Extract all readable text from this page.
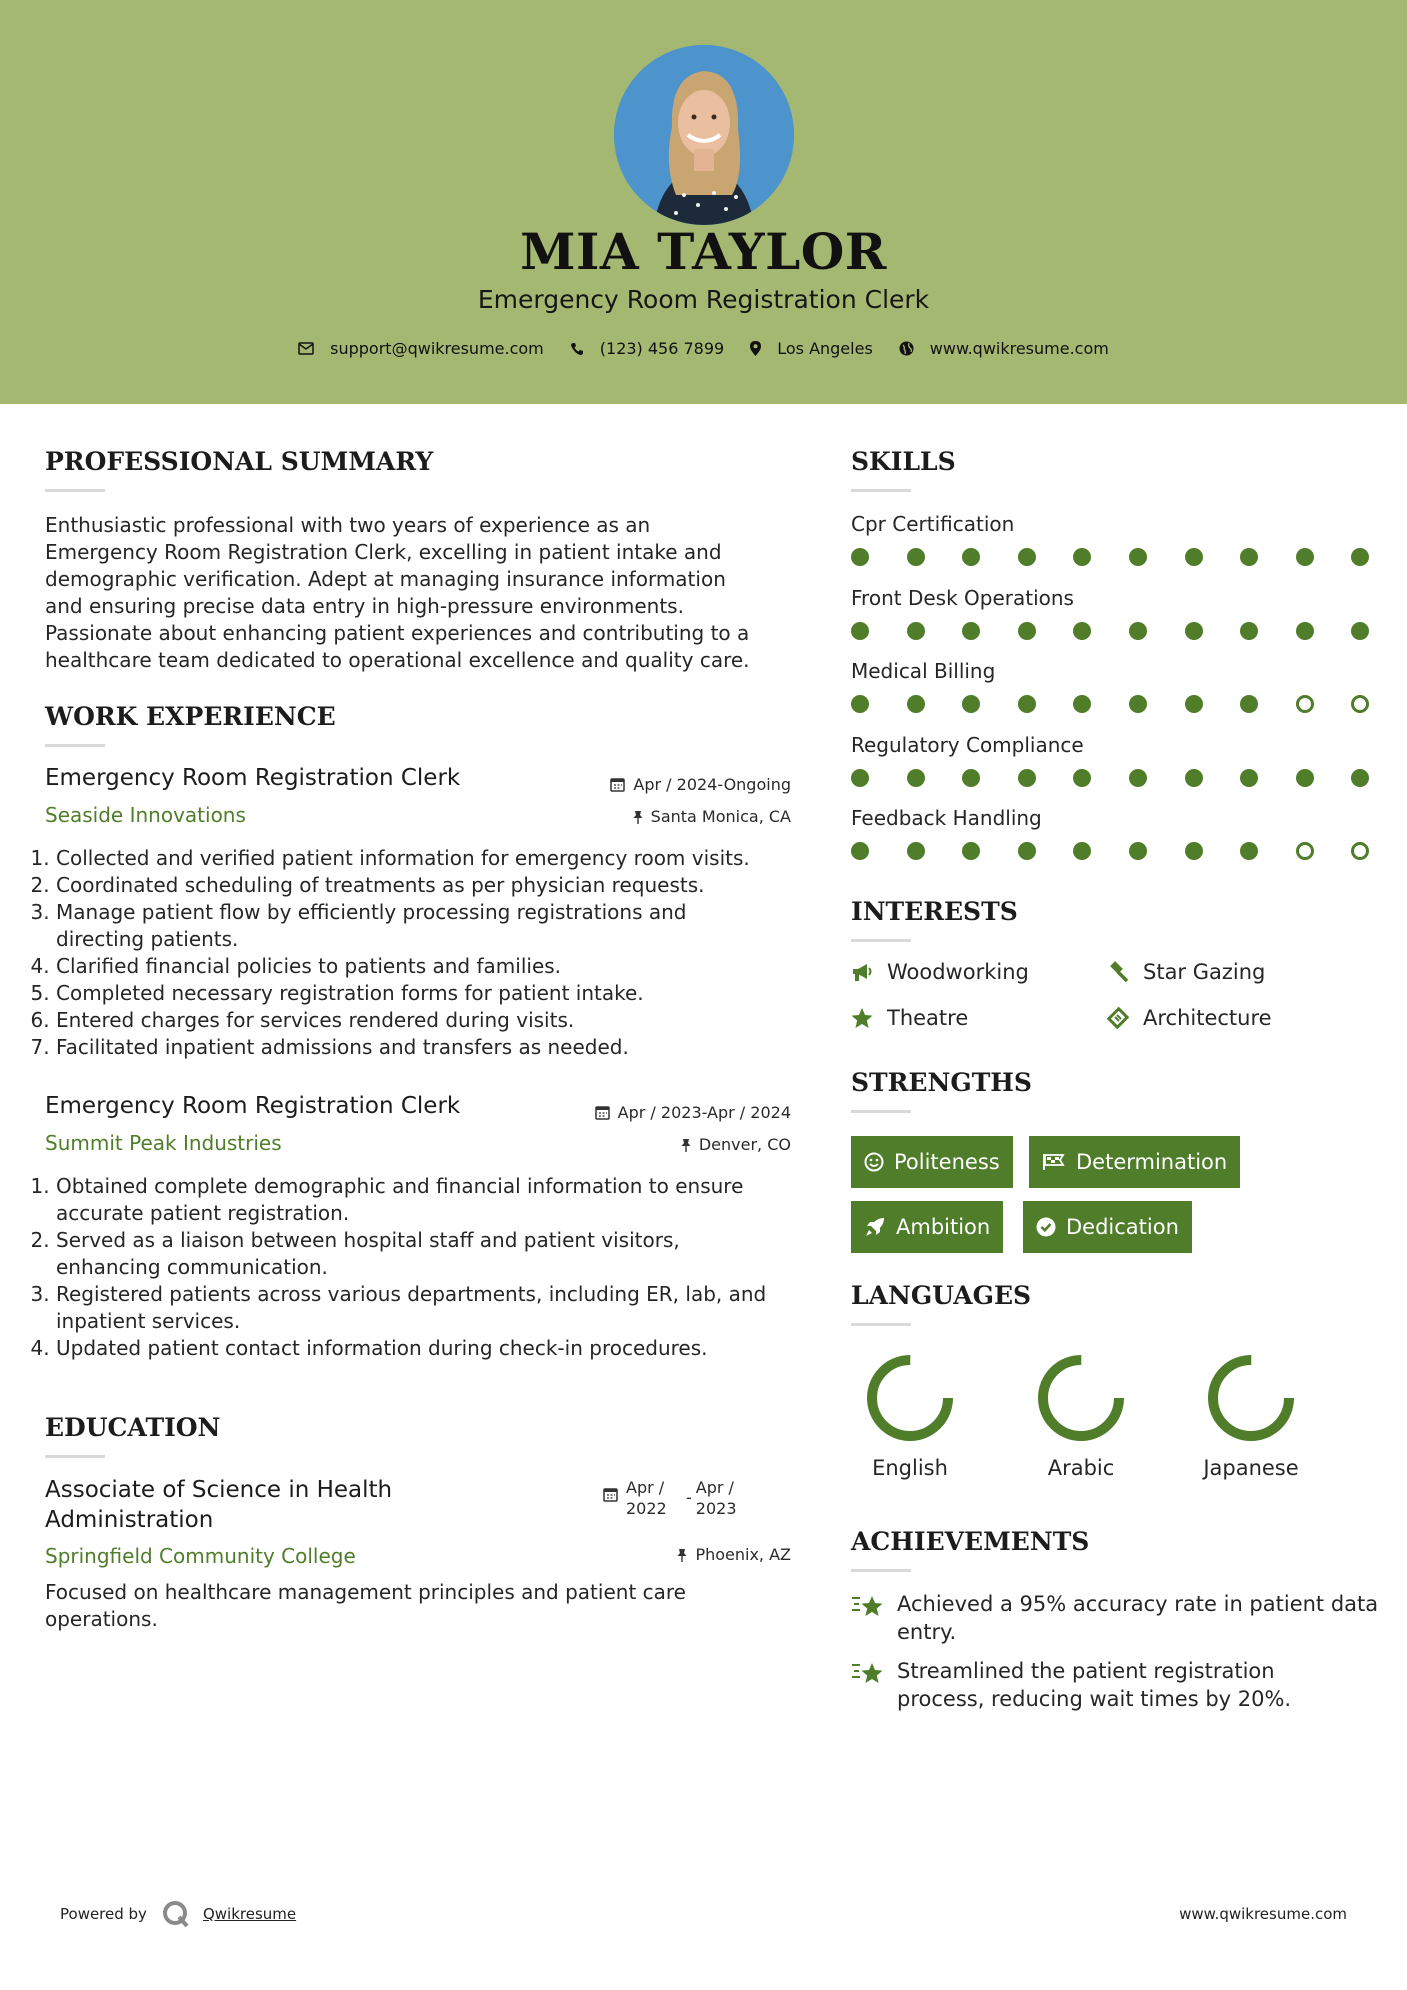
MIA TAYLOR
Emergency Room Registration Clerk
support@qwikresume.com	(123) 456 7899	Los Angeles	www.qwikresume.com
PROFESSIONAL SUMMARY
Enthusiastic professional with two years of experience as an
Emergency Room Registration Clerk, excelling in patient intake and
demographic verification. Adept at managing insurance information
and ensuring precise data entry in high-pressure environments.
Passionate about enhancing patient experiences and contributing to a
healthcare team dedicated to operational excellence and quality care.
WORK EXPERIENCE
Emergency Room Registration Clerk	Apr / 2024-Ongoing
Seaside Innovations	Santa Monica, CA
1. Collected and verified patient information for emergency room visits.
2. Coordinated scheduling of treatments as per physician requests.
3. Manage patient flow by efficiently processing registrations and directing patients.
4. Clarified financial policies to patients and families.
5. Completed necessary registration forms for patient intake.
6. Entered charges for services rendered during visits.
7. Facilitated inpatient admissions and transfers as needed.
Emergency Room Registration Clerk	Apr / 2023-Apr / 2024
Summit Peak Industries	Denver, CO
1. Obtained complete demographic and financial information to ensure accurate patient registration.
2. Served as a liaison between hospital staff and patient visitors, enhancing communication.
3. Registered patients across various departments, including ER, lab, and inpatient services.
4. Updated patient contact information during check-in procedures.
EDUCATION
Associate of Science in Health
Administration
Apr /
2022
-
Apr /
2023
Springfield Community College	Phoenix, AZ
Focused on healthcare management principles and patient care
operations.
SKILLS
Cpr Certification
Front Desk Operations
Medical Billing
Regulatory Compliance
Feedback Handling
INTERESTS
Woodworking	Star Gazing
Theatre	Architecture
STRENGTHS
Politeness	Determination
Ambition	Dedication
LANGUAGES
English	Arabic	Japanese
ACHIEVEMENTS
Achieved a 95% accuracy rate in patient data
entry.
Streamlined the patient registration
process, reducing wait times by 20%.
Powered by	Qwikresume	www.qwikresume.com
